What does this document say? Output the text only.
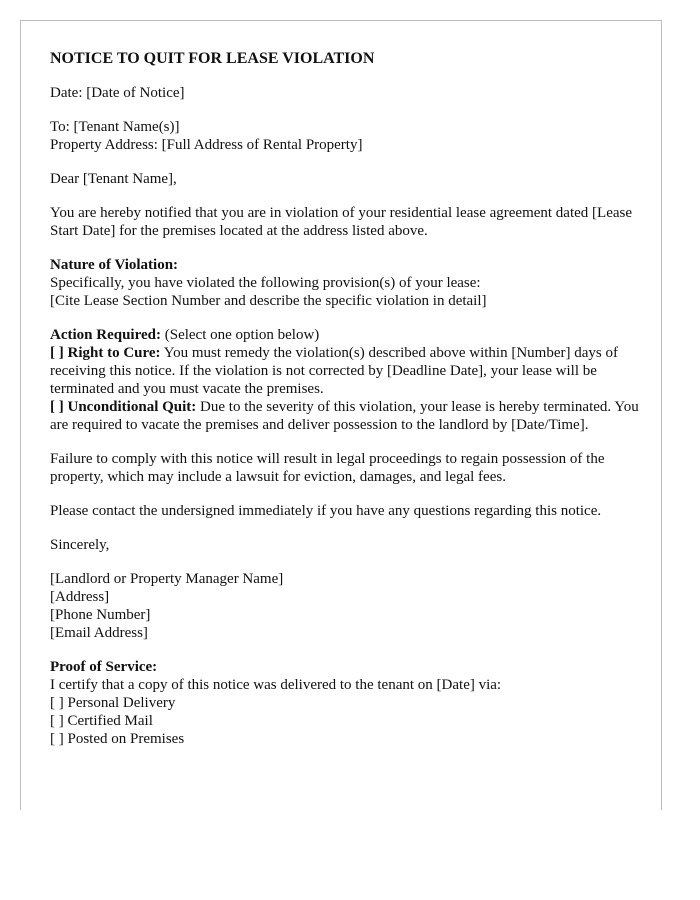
NOTICE TO QUIT FOR LEASE VIOLATION

Date: [Date of Notice]

To: [Tenant Name(s)]
Property Address: [Full Address of Rental Property]

Dear [Tenant Name],

You are hereby notified that you are in violation of your residential lease agreement dated [Lease Start Date] for the premises located at the address listed above.

Nature of Violation:
Specifically, you have violated the following provision(s) of your lease:
[Cite Lease Section Number and describe the specific violation in detail]

Action Required: (Select one option below)
[ ] Right to Cure: You must remedy the violation(s) described above within [Number] days of receiving this notice. If the violation is not corrected by [Deadline Date], your lease will be terminated and you must vacate the premises.
[ ] Unconditional Quit: Due to the severity of this violation, your lease is hereby terminated. You are required to vacate the premises and deliver possession to the landlord by [Date/Time].

Failure to comply with this notice will result in legal proceedings to regain possession of the property, which may include a lawsuit for eviction, damages, and legal fees.

Please contact the undersigned immediately if you have any questions regarding this notice.

Sincerely,

[Landlord or Property Manager Name]
[Address]
[Phone Number]
[Email Address]

Proof of Service:
I certify that a copy of this notice was delivered to the tenant on [Date] via:
[ ] Personal Delivery
[ ] Certified Mail
[ ] Posted on Premises
